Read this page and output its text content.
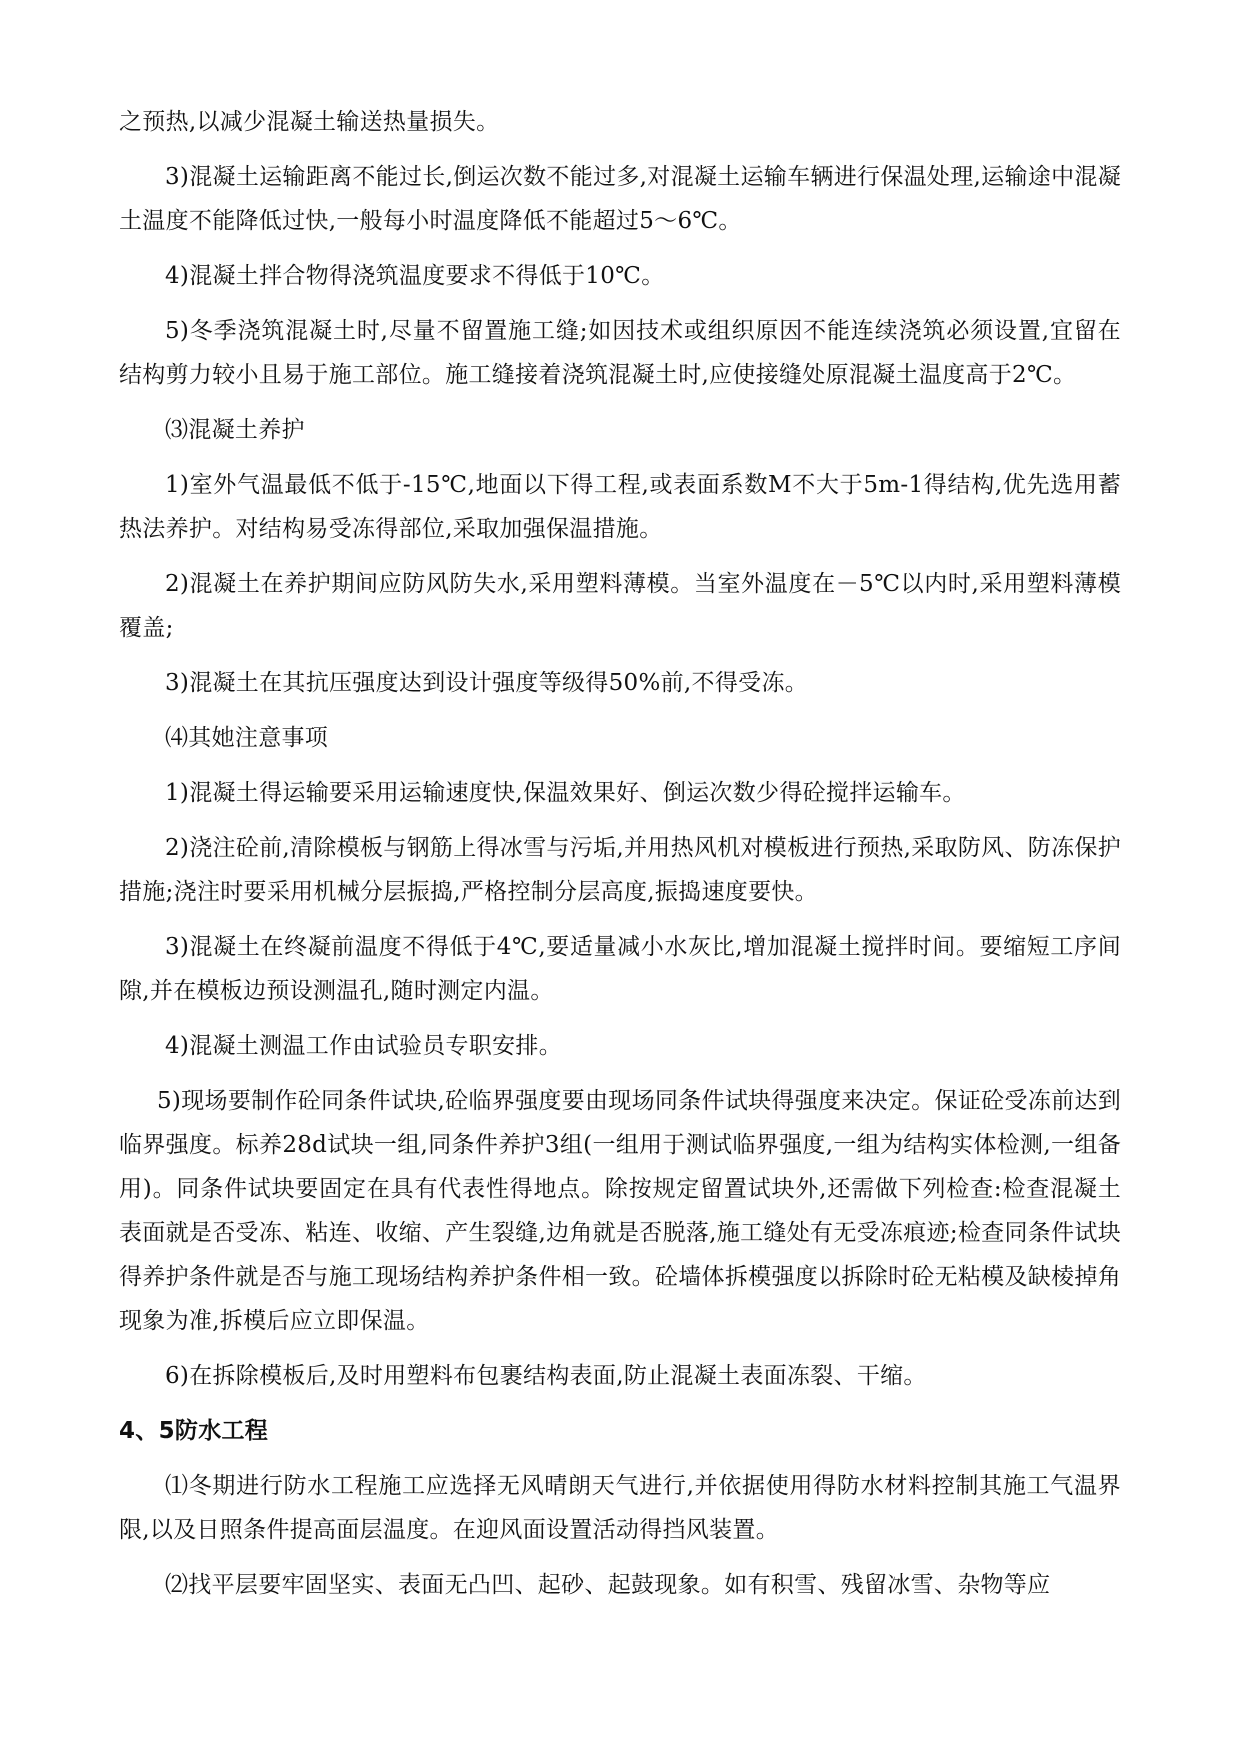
之预热,以减少混凝土输送热量损失。

3)混凝土运输距离不能过长,倒运次数不能过多,对混凝土运输车辆进行保温处理,运输途中混凝土温度不能降低过快,一般每小时温度降低不能超过5～6℃。

4)混凝土拌合物得浇筑温度要求不得低于10℃。

5)冬季浇筑混凝土时,尽量不留置施工缝;如因技术或组织原因不能连续浇筑必须设置,宜留在结构剪力较小且易于施工部位。施工缝接着浇筑混凝土时,应使接缝处原混凝土温度高于2℃。

⑶混凝土养护

1)室外气温最低不低于-15℃,地面以下得工程,或表面系数M不大于5m-1得结构,优先选用蓄热法养护。对结构易受冻得部位,采取加强保温措施。

2)混凝土在养护期间应防风防失水,采用塑料薄模。当室外温度在－5℃以内时,采用塑料薄模覆盖;

3)混凝土在其抗压强度达到设计强度等级得50%前,不得受冻。

⑷其她注意事项

1)混凝土得运输要采用运输速度快,保温效果好、倒运次数少得砼搅拌运输车。

2)浇注砼前,清除模板与钢筋上得冰雪与污垢,并用热风机对模板进行预热,采取防风、防冻保护措施;浇注时要采用机械分层振捣,严格控制分层高度,振捣速度要快。

3)混凝土在终凝前温度不得低于4℃,要适量减小水灰比,增加混凝土搅拌时间。要缩短工序间隙,并在模板边预设测温孔,随时测定内温。

4)混凝土测温工作由试验员专职安排。

5)现场要制作砼同条件试块,砼临界强度要由现场同条件试块得强度来决定。保证砼受冻前达到临界强度。标养28d试块一组,同条件养护3组(一组用于测试临界强度,一组为结构实体检测,一组备用)。同条件试块要固定在具有代表性得地点。除按规定留置试块外,还需做下列检查:检查混凝土表面就是否受冻、粘连、收缩、产生裂缝,边角就是否脱落,施工缝处有无受冻痕迹;检查同条件试块得养护条件就是否与施工现场结构养护条件相一致。砼墙体拆模强度以拆除时砼无粘模及缺棱掉角现象为准,拆模后应立即保温。

6)在拆除模板后,及时用塑料布包裹结构表面,防止混凝土表面冻裂、干缩。

4、5防水工程

⑴冬期进行防水工程施工应选择无风晴朗天气进行,并依据使用得防水材料控制其施工气温界限,以及日照条件提高面层温度。在迎风面设置活动得挡风装置。

⑵找平层要牢固坚实、表面无凸凹、起砂、起鼓现象。如有积雪、残留冰雪、杂物等应
